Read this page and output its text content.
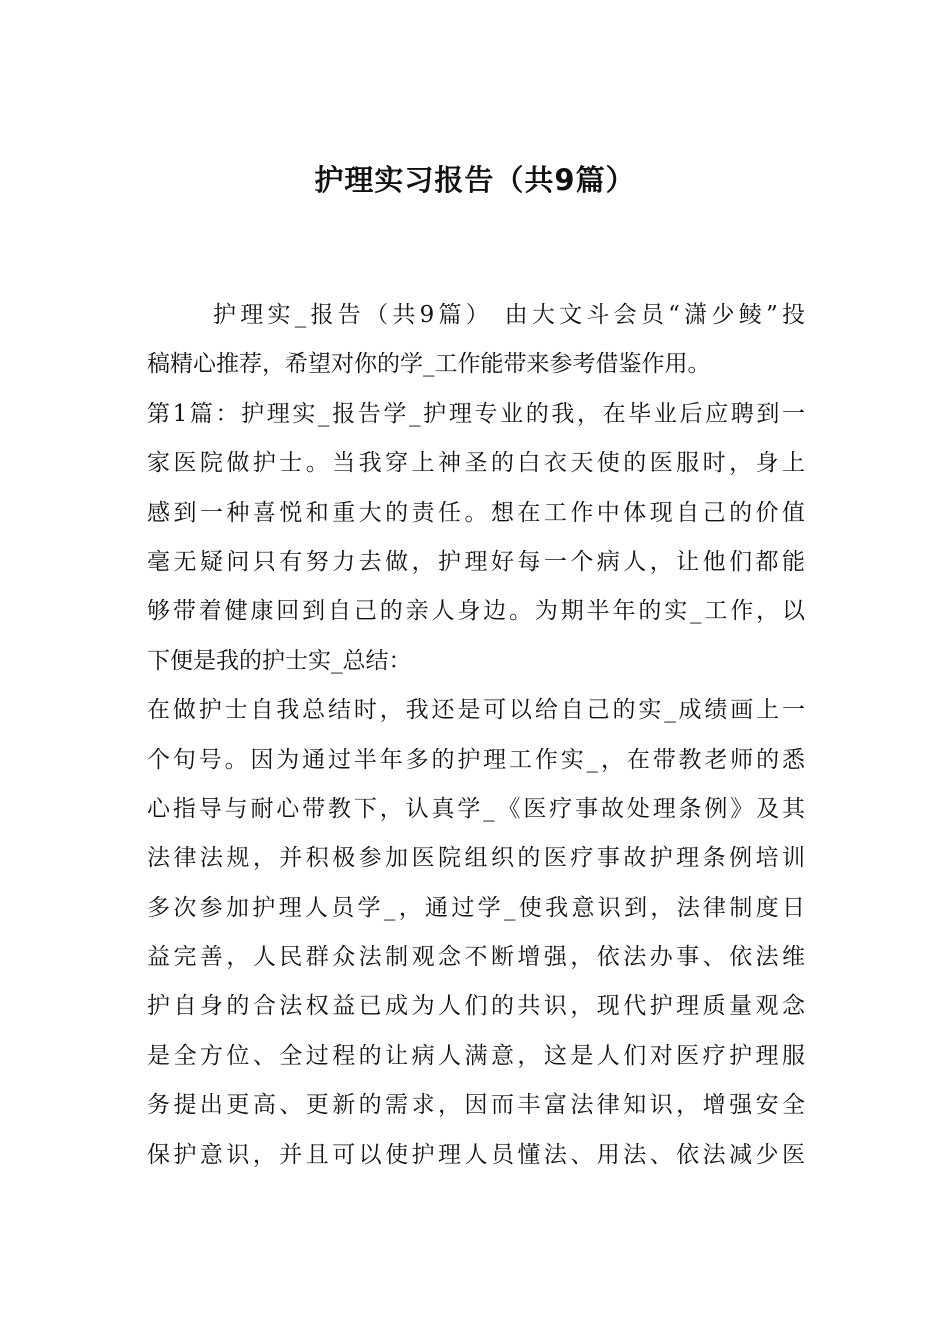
护理实习报告（共9篇）
护理实_报告（共9篇） 由大文斗会员“潇少鲮”投
稿精心推荐，希望对你的学_工作能带来参考借鉴作用。
第1篇：护理实_报告学_护理专业的我，在毕业后应聘到一
家医院做护士。当我穿上神圣的白衣天使的医服时，身上
感到一种喜悦和重大的责任。想在工作中体现自己的价值
毫无疑问只有努力去做，护理好每一个病人，让他们都能
够带着健康回到自己的亲人身边。为期半年的实_工作，以
下便是我的护士实_总结：
在做护士自我总结时，我还是可以给自己的实_成绩画上一
个句号。因为通过半年多的护理工作实_，在带教老师的悉
心指导与耐心带教下，认真学_《医疗事故处理条例》及其
法律法规，并积极参加医院组织的医疗事故护理条例培训
多次参加护理人员学_，通过学_使我意识到，法律制度日
益完善，人民群众法制观念不断增强，依法办事、依法维
护自身的合法权益已成为人们的共识，现代护理质量观念
是全方位、全过程的让病人满意，这是人们对医疗护理服
务提出更高、更新的需求，因而丰富法律知识，增强安全
保护意识，并且可以使护理人员懂法、用法、依法减少医
